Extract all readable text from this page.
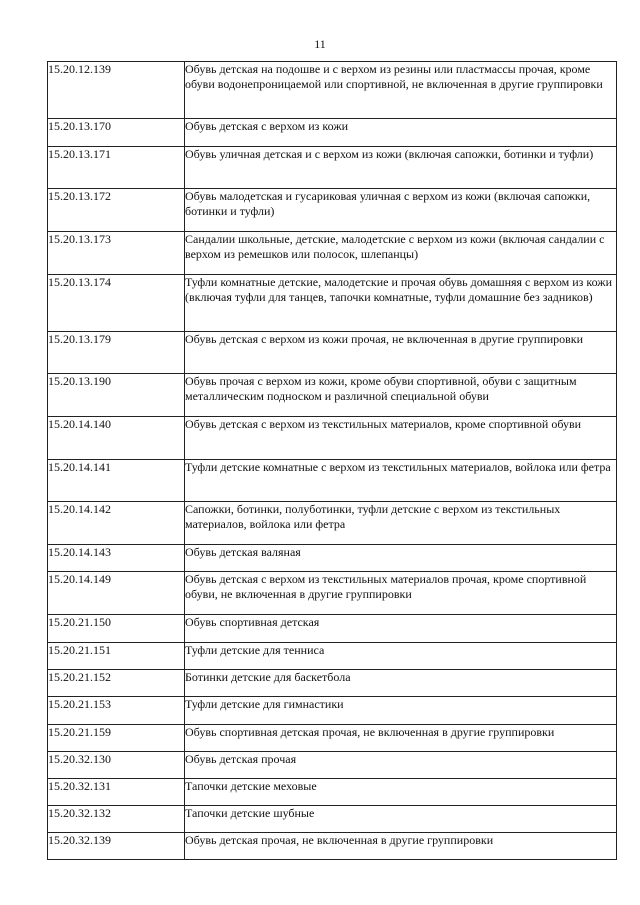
11
15.20.12.139	Обувь детская на подошве и с верхом из резины или пластмассы прочая, кроме обуви водонепроницаемой или спортивной, не включенная в другие группировки
15.20.13.170	Обувь детская с верхом из кожи
15.20.13.171	Обувь уличная детская и с верхом из кожи (включая сапожки, ботинки и туфли)
15.20.13.172	Обувь малодетская и гусариковая уличная с верхом из кожи (включая сапожки, ботинки и туфли)
15.20.13.173	Сандалии школьные, детские, малодетские с верхом из кожи (включая сандалии с верхом из ремешков или полосок, шлепанцы)
15.20.13.174	Туфли комнатные детские, малодетские и прочая обувь домашняя с верхом из кожи (включая туфли для танцев, тапочки комнатные, туфли домашние без задников)
15.20.13.179	Обувь детская с верхом из кожи прочая, не включенная в другие группировки
15.20.13.190	Обувь прочая с верхом из кожи, кроме обуви спортивной, обуви с защитным металлическим подноском и различной специальной обуви
15.20.14.140	Обувь детская с верхом из текстильных материалов, кроме спортивной обуви
15.20.14.141	Туфли детские комнатные с верхом из текстильных материалов, войлока или фетра
15.20.14.142	Сапожки, ботинки, полуботинки, туфли детские с верхом из текстильных материалов, войлока или фетра
15.20.14.143	Обувь детская валяная
15.20.14.149	Обувь детская с верхом из текстильных материалов прочая, кроме спортивной обуви, не включенная в другие группировки
15.20.21.150	Обувь спортивная детская
15.20.21.151	Туфли детские для тенниса
15.20.21.152	Ботинки детские для баскетбола
15.20.21.153	Туфли детские для гимнастики
15.20.21.159	Обувь спортивная детская прочая, не включенная в другие группировки
15.20.32.130	Обувь детская прочая
15.20.32.131	Тапочки детские меховые
15.20.32.132	Тапочки детские шубные
15.20.32.139	Обувь детская прочая, не включенная в другие группировки
